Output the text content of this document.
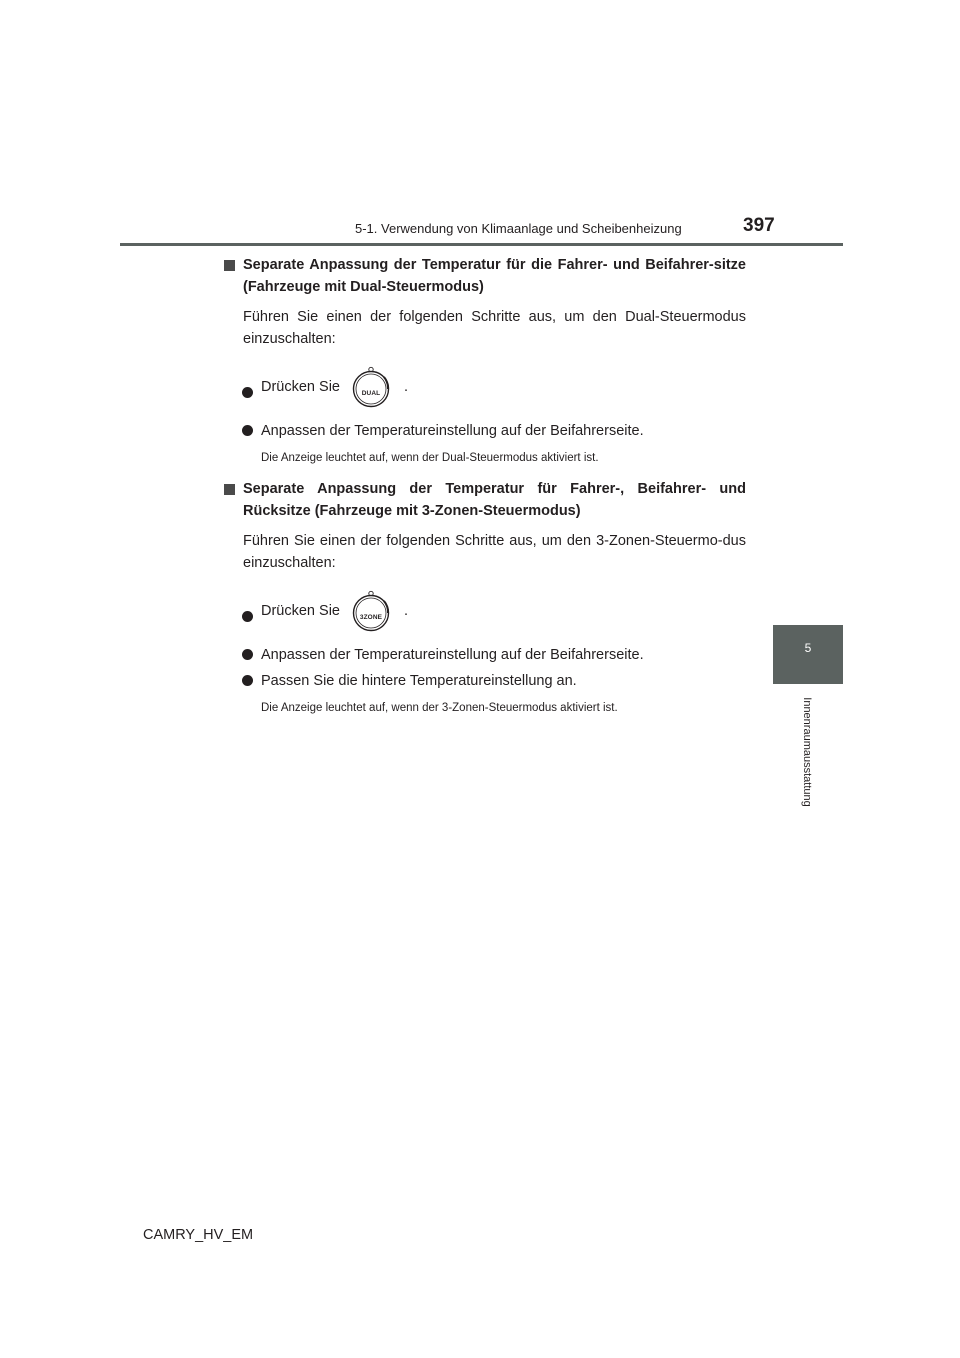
5-1. Verwendung von Klimaanlage und Scheibenheizung	397
5
Innenraumausstattung
Separate Anpassung der Temperatur für die Fahrer- und Beifahrer-sitze (Fahrzeuge mit Dual-Steuermodus)
Führen Sie einen der folgenden Schritte aus, um den Dual-Steuermodus einzuschalten:
Drücken Sie	DUAL	.
Anpassen der Temperatureinstellung auf der Beifahrerseite.
Die Anzeige leuchtet auf, wenn der Dual-Steuermodus aktiviert ist.
Separate Anpassung der Temperatur für Fahrer-, Beifahrer- und Rücksitze (Fahrzeuge mit 3-Zonen-Steuermodus)
Führen Sie einen der folgenden Schritte aus, um den 3-Zonen-Steuermo-dus einzuschalten:
Drücken Sie	3ZONE	.
Anpassen der Temperatureinstellung auf der Beifahrerseite.
Passen Sie die hintere Temperatureinstellung an.
Die Anzeige leuchtet auf, wenn der 3-Zonen-Steuermodus aktiviert ist.
CAMRY_HV_EM
